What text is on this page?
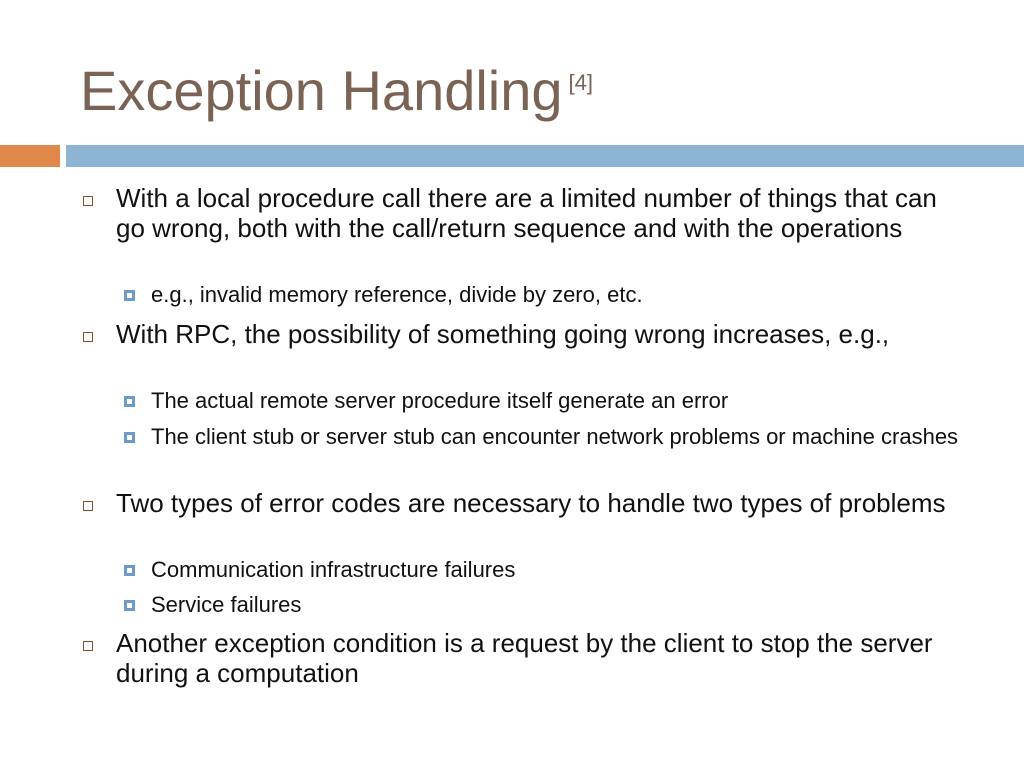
Exception Handling [4]
With a local procedure call there are a limited number of things that can go wrong, both with the call/return sequence and with the operations
e.g., invalid memory reference, divide by zero, etc.
With RPC, the possibility of something going wrong increases, e.g.,
The actual remote server procedure itself generate an error
The client stub or server stub can encounter network problems or machine crashes
Two types of error codes are necessary to handle two types of problems
Communication infrastructure failures
Service failures
Another exception condition is a request by the client to stop the server during a computation
